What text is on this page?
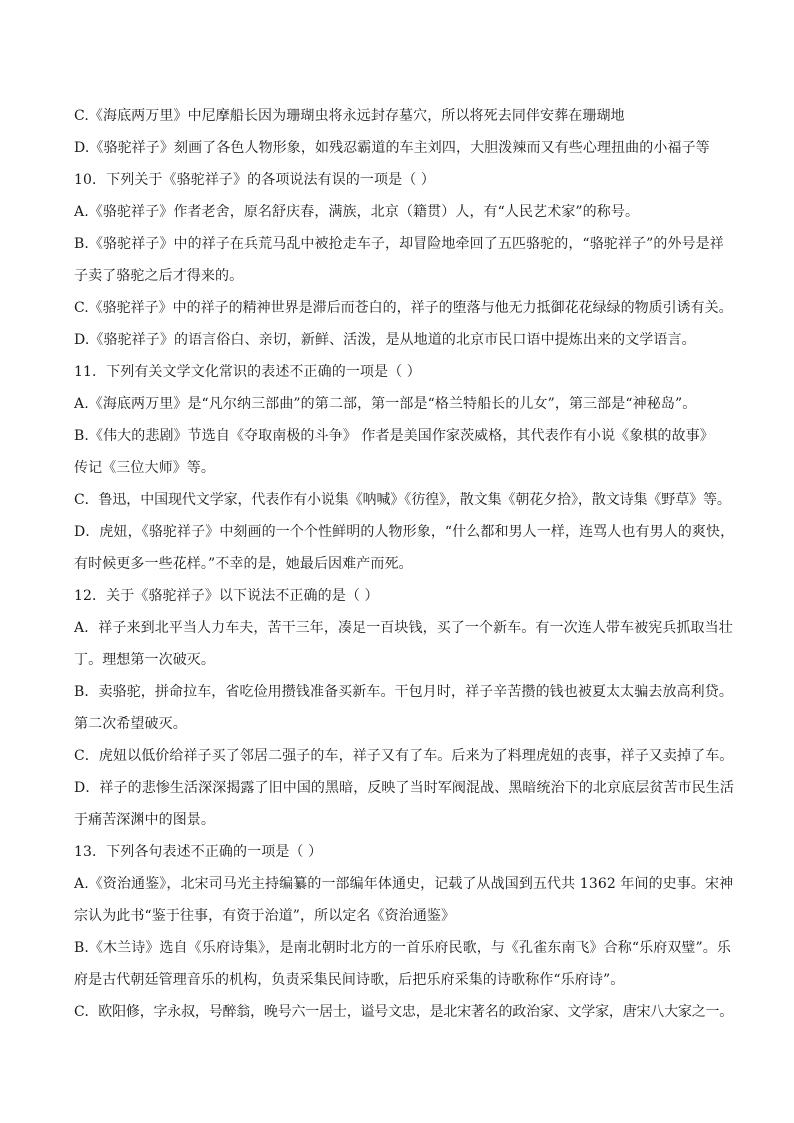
C.《海底两万里》中尼摩船长因为珊瑚虫将永远封存墓穴，所以将死去同伴安葬在珊瑚地
D.《骆驼祥子》刻画了各色人物形象，如残忍霸道的车主刘四，大胆泼辣而又有些心理扭曲的小福子等
10．下列关于《骆驼祥子》的各项说法有误的一项是（ ）
A.《骆驼祥子》作者老舍，原名舒庆春，满族，北京（籍贯）人，有“人民艺术家”的称号。
B.《骆驼祥子》中的祥子在兵荒马乱中被抢走车子，却冒险地牵回了五匹骆驼的，“骆驼祥子”的外号是祥
子卖了骆驼之后才得来的。
C.《骆驼祥子》中的祥子的精神世界是滞后而苍白的，祥子的堕落与他无力抵御花花绿绿的物质引诱有关。
D.《骆驼祥子》的语言俗白、亲切，新鲜、活泼，是从地道的北京市民口语中提炼出来的文学语言。
11．下列有关文学文化常识的表述不正确的一项是（ ）
A.《海底两万里》是“凡尔纳三部曲”的第二部，第一部是“格兰特船长的儿女”，第三部是“神秘岛”。
B.《伟大的悲剧》节选自《夺取南极的斗争》 作者是美国作家茨威格，其代表作有小说《象棋的故事》
传记《三位大师》等。
C．鲁迅，中国现代文学家，代表作有小说集《呐喊》《彷徨》，散文集《朝花夕拾》，散文诗集《野草》等。
D．虎妞，《骆驼祥子》中刻画的一个个性鲜明的人物形象，“什么都和男人一样，连骂人也有男人的爽快，
有时候更多一些花样。”不幸的是，她最后因难产而死。
12．关于《骆驼祥子》以下说法不正确的是（ ）
A．祥子来到北平当人力车夫，苦干三年，凑足一百块钱，买了一个新车。有一次连人带车被宪兵抓取当壮
丁。理想第一次破灭。
B．卖骆驼，拼命拉车，省吃俭用攒钱准备买新车。干包月时，祥子辛苦攒的钱也被夏太太骗去放高利贷。
第二次希望破灭。
C．虎妞以低价给祥子买了邻居二强子的车，祥子又有了车。后来为了料理虎妞的丧事，祥子又卖掉了车。
D．祥子的悲惨生活深深揭露了旧中国的黑暗，反映了当时军阀混战、黑暗统治下的北京底层贫苦市民生活
于痛苦深渊中的图景。
13．下列各句表述不正确的一项是（ ）
A.《资治通鉴》，北宋司马光主持编纂的一部编年体通史，记载了从战国到五代共 1362 年间的史事。宋神
宗认为此书“鉴于往事，有资于治道”，所以定名《资治通鉴》
B.《木兰诗》选自《乐府诗集》，是南北朝时北方的一首乐府民歌，与《孔雀东南飞》合称“乐府双璧”。乐
府是古代朝廷管理音乐的机构，负责采集民间诗歌，后把乐府采集的诗歌称作“乐府诗”。
C．欧阳修，字永叔，号醉翁，晚号六一居士，谥号文忠，是北宋著名的政治家、文学家，唐宋八大家之一。
